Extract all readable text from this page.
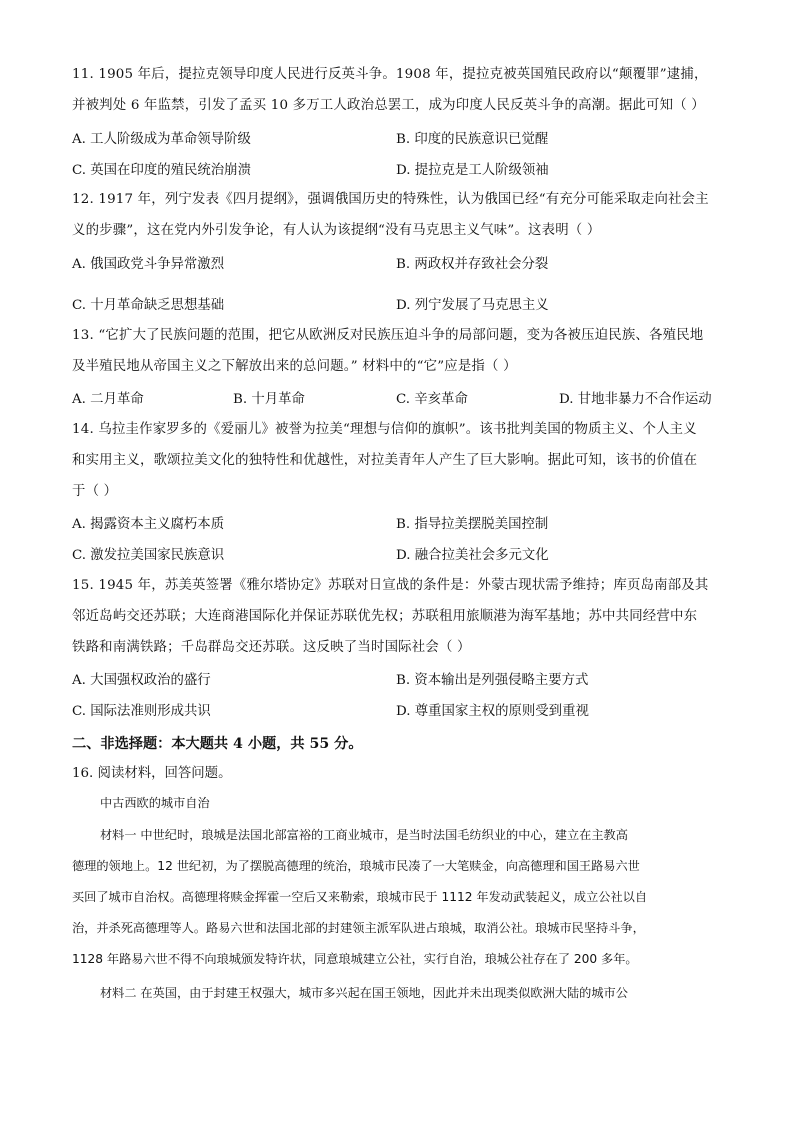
11. 1905 年后，提拉克领导印度人民进行反英斗争。1908 年，提拉克被英国殖民政府以“颠覆罪”逮捕，
并被判处 6 年监禁，引发了孟买 10 多万工人政治总罢工，成为印度人民反英斗争的高潮。据此可知（ ）
A. 工人阶级成为革命领导阶级	B. 印度的民族意识已觉醒
C. 英国在印度的殖民统治崩溃	D. 提拉克是工人阶级领袖
12. 1917 年，列宁发表《四月提纲》，强调俄国历史的特殊性，认为俄国已经“有充分可能采取走向社会主
义的步骤”，这在党内外引发争论，有人认为该提纲“没有马克思主义气味”。这表明（ ）
A. 俄国政党斗争异常激烈	B. 两政权并存致社会分裂
C. 十月革命缺乏思想基础	D. 列宁发展了马克思主义
13. “它扩大了民族问题的范围，把它从欧洲反对民族压迫斗争的局部问题，变为各被压迫民族、各殖民地
及半殖民地从帝国主义之下解放出来的总问题。” 材料中的“它”应是指（ ）
A. 二月革命	B. 十月革命	C. 辛亥革命	D. 甘地非暴力不合作运动
14. 乌拉圭作家罗多的《爱丽儿》被誉为拉美“理想与信仰的旗帜”。该书批判美国的物质主义、个人主义
和实用主义，歌颂拉美文化的独特性和优越性，对拉美青年人产生了巨大影响。据此可知，该书的价值在
于（ ）
A. 揭露资本主义腐朽本质	B. 指导拉美摆脱美国控制
C. 激发拉美国家民族意识	D. 融合拉美社会多元文化
15. 1945 年，苏美英签署《雅尔塔协定》苏联对日宣战的条件是：外蒙古现状需予维持；库页岛南部及其
邻近岛屿交还苏联；大连商港国际化并保证苏联优先权；苏联租用旅顺港为海军基地；苏中共同经营中东
铁路和南满铁路；千岛群岛交还苏联。这反映了当时国际社会（ ）
A. 大国强权政治的盛行	B. 资本输出是列强侵略主要方式
C. 国际法准则形成共识	D. 尊重国家主权的原则受到重视
二、非选择题：本大题共 4 小题，共 55 分。
16. 阅读材料，回答问题。
中古西欧的城市自治
材料一 中世纪时，琅城是法国北部富裕的工商业城市，是当时法国毛纺织业的中心，建立在主教高
德理的领地上。12 世纪初，为了摆脱高德理的统治，琅城市民凑了一大笔赎金，向高德理和国王路易六世
买回了城市自治权。高德理将赎金挥霍一空后又来勒索，琅城市民于 1112 年发动武装起义，成立公社以自
治，并杀死高德理等人。路易六世和法国北部的封建领主派军队进占琅城，取消公社。琅城市民坚持斗争，
1128 年路易六世不得不向琅城颁发特许状，同意琅城建立公社，实行自治，琅城公社存在了 200 多年。
材料二 在英国，由于封建王权强大，城市多兴起在国王领地，因此并未出现类似欧洲大陆的城市公
